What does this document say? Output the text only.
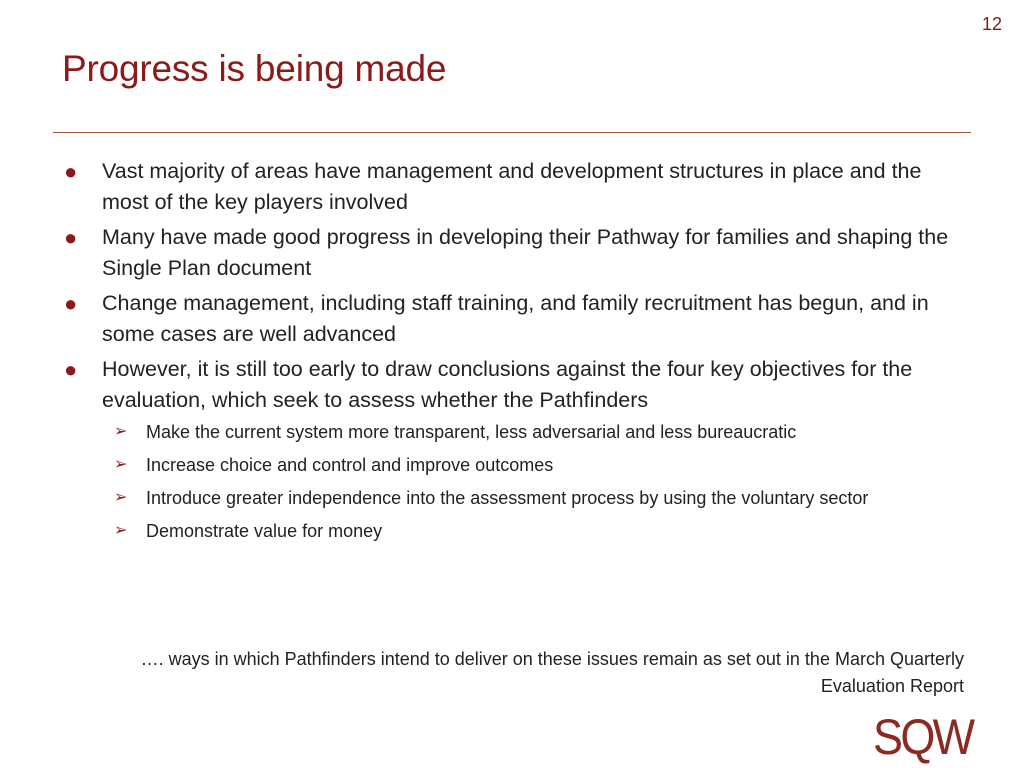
12
Progress is being made
● Vast majority of areas have management and development structures in place and the most of the key players involved
● Many have made good progress in developing their Pathway for families and shaping the Single Plan document
● Change management, including staff training, and family recruitment has begun, and in some cases are well advanced
● However, it is still too early to draw conclusions against the four key objectives for the evaluation, which seek to assess whether the Pathfinders
➢ Make the current system more transparent, less adversarial and less bureaucratic
➢ Increase choice and control and improve outcomes
➢ Introduce greater independence into the assessment process by using the voluntary sector
➢ Demonstrate value for money
…. ways in which Pathfinders intend to deliver on these issues remain as set out in the March Quarterly Evaluation Report
SQW
